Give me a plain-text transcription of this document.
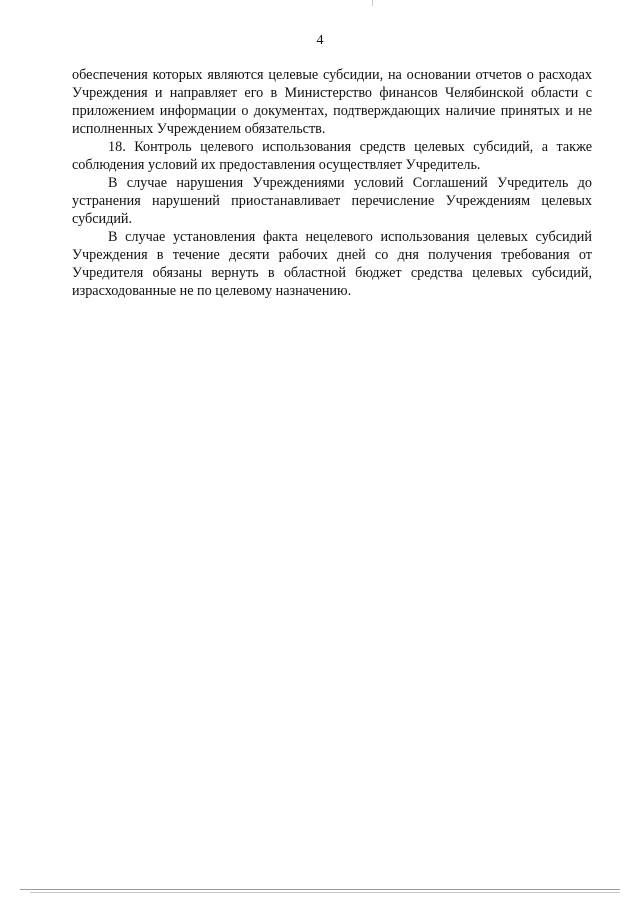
4

обеспечения которых являются целевые субсидии, на основании отчетов о расходах Учреждения и направляет его в Министерство финансов Челябинской области с приложением информации о документах, подтверждающих наличие принятых и не исполненных Учреждением обязательств.

18. Контроль целевого использования средств целевых субсидий, а также соблюдения условий их предоставления осуществляет Учредитель.

В случае нарушения Учреждениями условий Соглашений Учредитель до устранения нарушений приостанавливает перечисление Учреждениям целевых субсидий.

В случае установления факта нецелевого использования целевых субсидий Учреждения в течение десяти рабочих дней со дня получения требования от Учредителя обязаны вернуть в областной бюджет средства целевых субсидий, израсходованные не по целевому назначению.
